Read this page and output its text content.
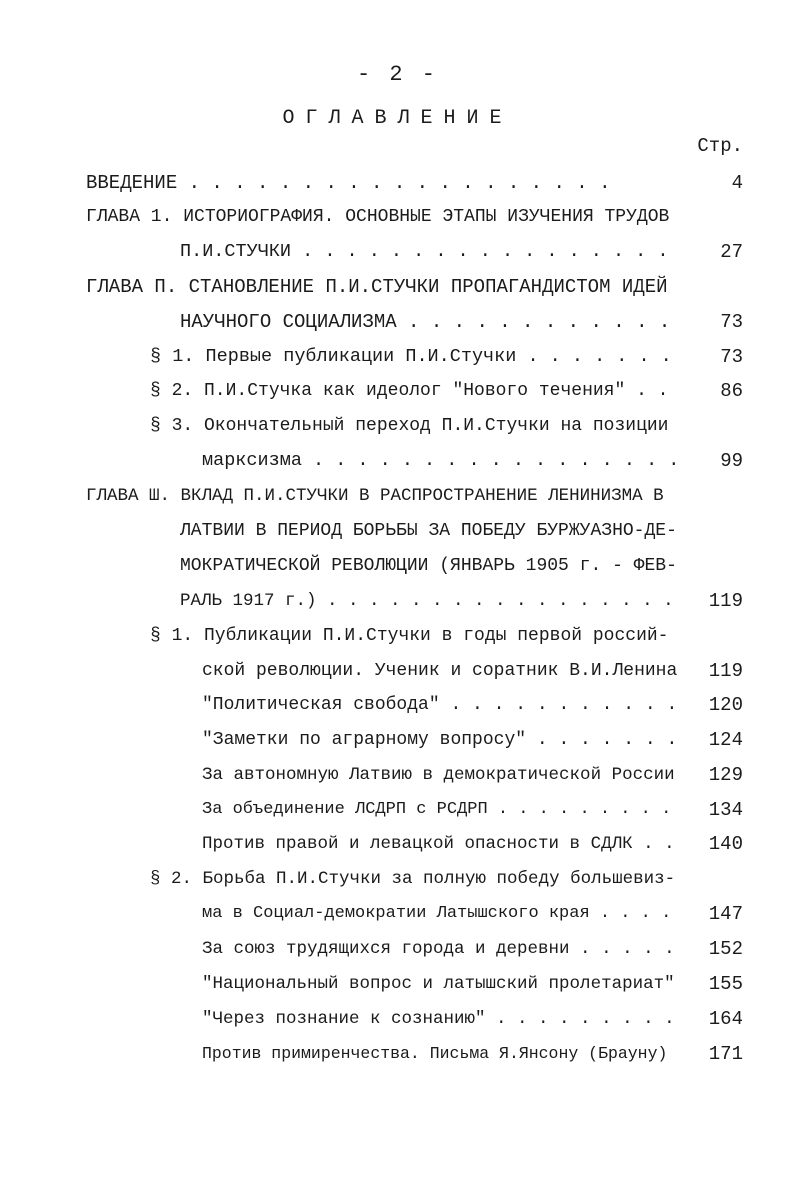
- 2 -
ОГЛАВЛЕНИЕ
Стр.
ВВЕДЕНИЕ . . . . . . . . . . . . . . . . . . .	4
ГЛАВА 1. ИСТОРИОГРАФИЯ. ОСНОВНЫЕ ЭТАПЫ ИЗУЧЕНИЯ ТРУДОВ
П.И.СТУЧКИ . . . . . . . . . . . . . . . . .	27
ГЛАВА П. СТАНОВЛЕНИЕ П.И.СТУЧКИ ПРОПАГАНДИСТОМ ИДЕЙ
НАУЧНОГО СОЦИАЛИЗМА . . . . . . . . . . . .	73
§ 1. Первые публикации П.И.Стучки . . . . . . .	73
§ 2. П.И.Стучка как идеолог "Нового течения" . .	86
§ 3. Окончательный переход П.И.Стучки на позиции
марксизма . . . . . . . . . . . . . . . . .	99
ГЛАВА Ш. ВКЛАД П.И.СТУЧКИ В РАСПРОСТРАНЕНИЕ ЛЕНИНИЗМА В
ЛАТВИИ В ПЕРИОД БОРЬБЫ ЗА ПОБЕДУ БУРЖУАЗНО-ДЕ-
МОКРАТИЧЕСКОЙ РЕВОЛЮЦИИ (ЯНВАРЬ 1905 г. - ФЕВ-
РАЛЬ 1917 г.) . . . . . . . . . . . . . . . . .	119
§ 1. Публикации П.И.Стучки в годы первой россий-
ской революции. Ученик и соратник В.И.Ленина	119
"Политическая свобода" . . . . . . . . . . .	120
"Заметки по аграрному вопросу" . . . . . . .	124
За автономную Латвию в демократической России	129
За объединение ЛСДРП с РСДРП . . . . . . . . .	134
Против правой и левацкой опасности в СДЛК . .	140
§ 2. Борьба П.И.Стучки за полную победу большевиз-
ма в Социал-демократии Латышского края . . . .	147
За союз трудящихся города и деревни . . . . .	152
"Национальный вопрос и латышский пролетариат"	155
"Через познание к сознанию" . . . . . . . . .	164
Против примиренчества. Письма Я.Янсону (Брауну)	171
